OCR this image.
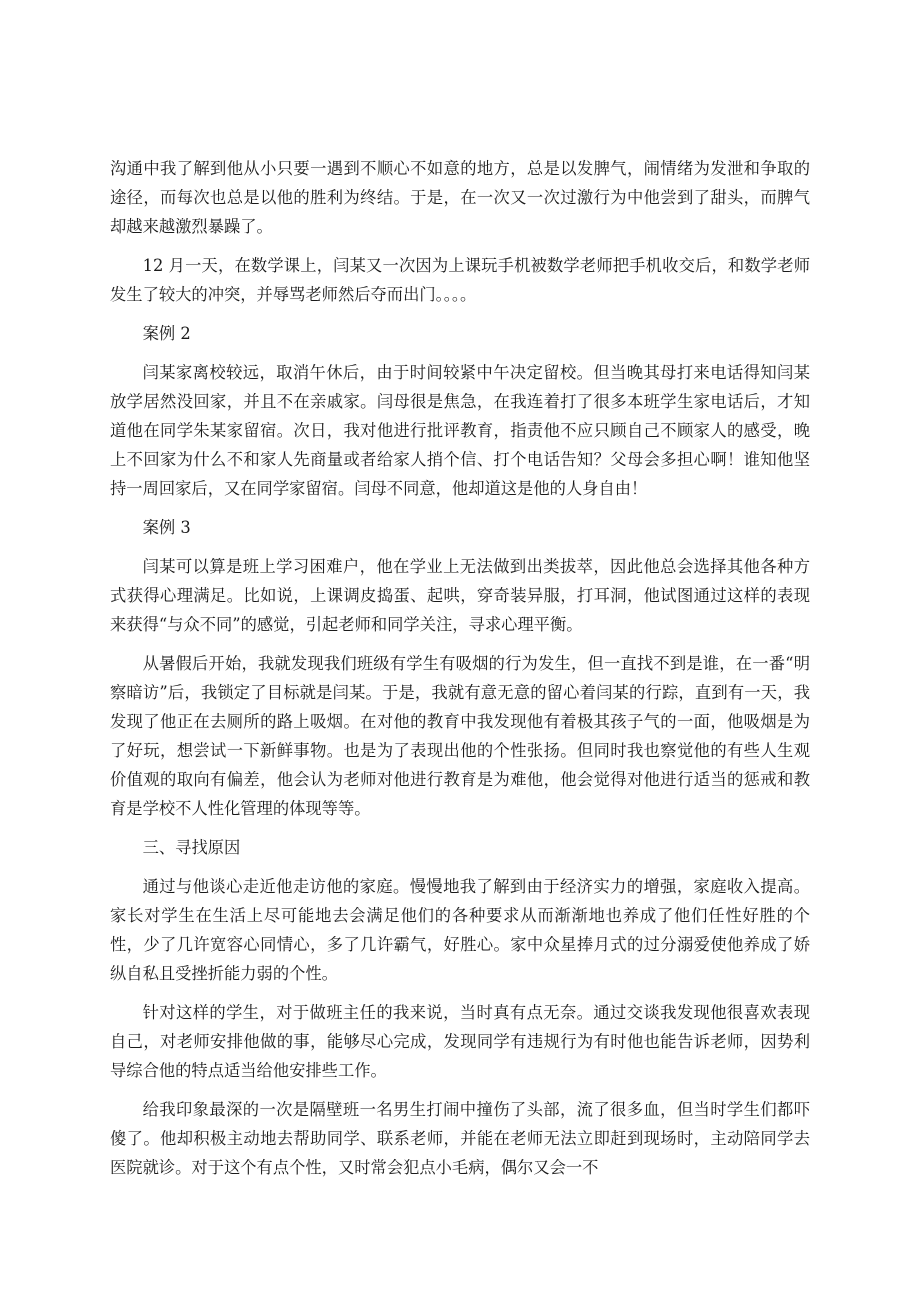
沟通中我了解到他从小只要一遇到不顺心不如意的地方，总是以发脾气，闹情绪为发泄和争取的途径，而每次也总是以他的胜利为终结。于是，在一次又一次过激行为中他尝到了甜头，而脾气却越来越激烈暴躁了。

12 月一天，在数学课上，闫某又一次因为上课玩手机被数学老师把手机收交后，和数学老师发生了较大的冲突，并辱骂老师然后夺而出门。。。。

案例 2

闫某家离校较远，取消午休后，由于时间较紧中午决定留校。但当晚其母打来电话得知闫某放学居然没回家，并且不在亲戚家。闫母很是焦急，在我连着打了很多本班学生家电话后，才知道他在同学朱某家留宿。次日，我对他进行批评教育，指责他不应只顾自己不顾家人的感受，晚上不回家为什么不和家人先商量或者给家人捎个信、打个电话告知？父母会多担心啊！谁知他坚持一周回家后，又在同学家留宿。闫母不同意，他却道这是他的人身自由！

案例 3

闫某可以算是班上学习困难户，他在学业上无法做到出类拔萃，因此他总会选择其他各种方式获得心理满足。比如说，上课调皮捣蛋、起哄，穿奇装异服，打耳洞，他试图通过这样的表现来获得“与众不同”的感觉，引起老师和同学关注，寻求心理平衡。

从暑假后开始，我就发现我们班级有学生有吸烟的行为发生，但一直找不到是谁，在一番“明察暗访”后，我锁定了目标就是闫某。于是，我就有意无意的留心着闫某的行踪，直到有一天，我发现了他正在去厕所的路上吸烟。在对他的教育中我发现他有着极其孩子气的一面，他吸烟是为了好玩，想尝试一下新鲜事物。也是为了表现出他的个性张扬。但同时我也察觉他的有些人生观价值观的取向有偏差，他会认为老师对他进行教育是为难他，他会觉得对他进行适当的惩戒和教育是学校不人性化管理的体现等等。

三、寻找原因

通过与他谈心走近他走访他的家庭。慢慢地我了解到由于经济实力的增强，家庭收入提高。家长对学生在生活上尽可能地去会满足他们的各种要求从而渐渐地也养成了他们任性好胜的个性，少了几许宽容心同情心，多了几许霸气，好胜心。家中众星捧月式的过分溺爱使他养成了娇纵自私且受挫折能力弱的个性。

针对这样的学生，对于做班主任的我来说，当时真有点无奈。通过交谈我发现他很喜欢表现自己，对老师安排他做的事，能够尽心完成，发现同学有违规行为有时他也能告诉老师，因势利导综合他的特点适当给他安排些工作。

给我印象最深的一次是隔壁班一名男生打闹中撞伤了头部，流了很多血，但当时学生们都吓傻了。他却积极主动地去帮助同学、联系老师，并能在老师无法立即赶到现场时，主动陪同学去医院就诊。对于这个有点个性，又时常会犯点小毛病，偶尔又会一不
